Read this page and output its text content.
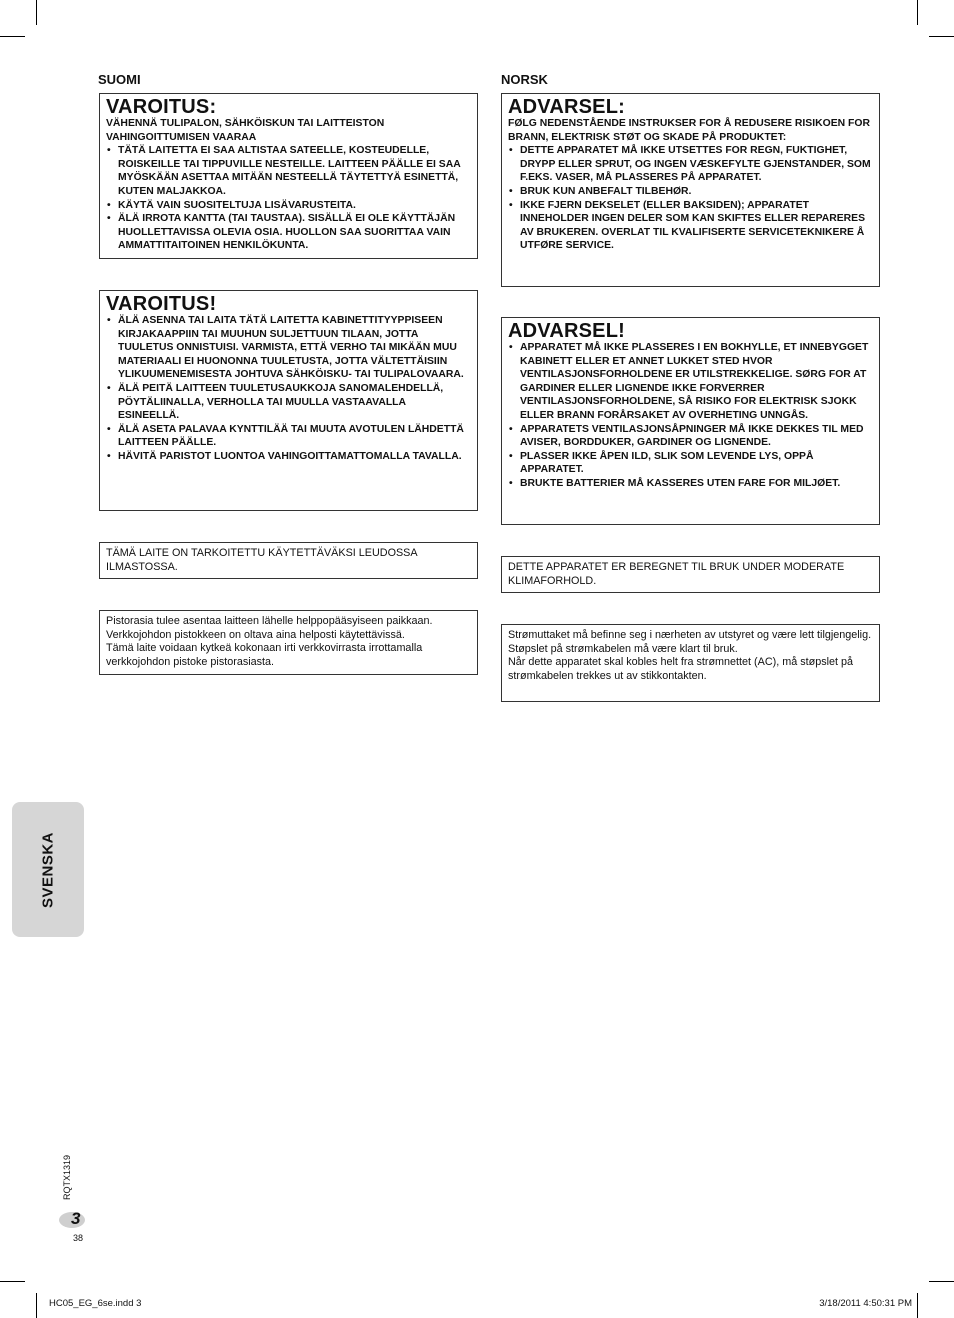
SUOMI	NORSK
VAROITUS:
VÄHENNÄ TULIPALON, SÄHKÖISKUN TAI LAITTEISTON VAHINGOITTUMISEN VAARAA
• TÄTÄ LAITETTA EI SAA ALTISTAA SATEELLE, KOSTEUDELLE, ROISKEILLE TAI TIPPUVILLE NESTEILLE. LAITTEEN PÄÄLLE EI SAA MYÖSKÄÄN ASETTAA MITÄÄN NESTEELLÄ TÄYTETTYÄ ESINETTÄ, KUTEN MALJAKKOA.
• KÄYTÄ VAIN SUOSITELTUJA LISÄVARUSTEITA.
• ÄLÄ IRROTA KANTTA (TAI TAUSTAA). SISÄLLÄ EI OLE KÄYTTÄJÄN HUOLLETTAVISSA OLEVIA OSIA. HUOLLON SAA SUORITTAA VAIN AMMATTITAITOINEN HENKILÖKUNTA.
VAROITUS!
• ÄLÄ ASENNA TAI LAITA TÄTÄ LAITETTA KABINETTITYYPPISEEN KIRJAKAAPPIIN TAI MUUHUN SULJETTUUN TILAAN, JOTTA TUULETUS ONNISTUISI. VARMISTA, ETTÄ VERHO TAI MIKÄÄN MUU MATERIAALI EI HUONONNA TUULETUSTA, JOTTA VÄLTETTÄISIIN YLIKUUMENEMISESTA JOHTUVA SÄHKÖISKU- TAI TULIPALOVAARA.
• ÄLÄ PEITÄ LAITTEEN TUULETUSAUKKOJA SANOMALEHDELLÄ, PÖYTÄLIINALLA, VERHOLLA TAI MUULLA VASTAAVALLA ESINEELLÄ.
• ÄLÄ ASETA PALAVAA KYNTTILÄÄ TAI MUUTA AVOTULEN LÄHDETTÄ LAITTEEN PÄÄLLE.
• HÄVITÄ PARISTOT LUONTOA VAHINGOITTAMATTOMALLA TAVALLA.

TÄMÄ LAITE ON TARKOITETTU KÄYTETTÄVÄKSI LEUDOSSA ILMASTOSSA.

Pistorasia tulee asentaa laitteen lähelle helppopääsyiseen paikkaan.

Verkkojohdon pistokkeen on oltava aina helposti käytettävissä.

Tämä laite voidaan kytkeä kokonaan irti verkkovirrasta irrottamalla verkkojohdon pistoke pistorasiasta.

ADVARSEL:
FØLG NEDENSTÅENDE INSTRUKSER FOR Å REDUSERE RISIKOEN FOR BRANN, ELEKTRISK STØT OG SKADE PÅ PRODUKTET:
• DETTE APPARATET MÅ IKKE UTSETTES FOR REGN, FUKTIGHET, DRYPP ELLER SPRUT, OG INGEN VÆSKEFYLTE GJENSTANDER, SOM F.EKS. VASER, MÅ PLASSERES PÅ APPARATET.
• BRUK KUN ANBEFALT TILBEHØR.
• IKKE FJERN DEKSELET (ELLER BAKSIDEN); APPARATET INNEHOLDER INGEN DELER SOM KAN SKIFTES ELLER REPARERES AV BRUKEREN. OVERLAT TIL KVALIFISERTE SERVICETEKNIKERE Å UTFØRE SERVICE.
ADVARSEL!
• APPARATET MÅ IKKE PLASSERES I EN BOKHYLLE, ET INNEBYGGET KABINETT ELLER ET ANNET LUKKET STED HVOR VENTILASJONSFORHOLDENE ER UTILSTREKKELIGE. SØRG FOR AT GARDINER ELLER LIGNENDE IKKE FORVERRER VENTILASJONSFORHOLDENE, SÅ RISIKO FOR ELEKTRISK SJOKK ELLER BRANN FORÅRSAKET AV OVERHETING UNNGÅS.
• APPARATETS VENTILASJONSÅPNINGER MÅ IKKE DEKKES TIL MED AVISER, BORDDUKER, GARDINER OG LIGNENDE.
• PLASSER IKKE ÅPEN ILD, SLIK SOM LEVENDE LYS, OPPÅ APPARATET.
• BRUKTE BATTERIER MÅ KASSERES UTEN FARE FOR MILJØET.

DETTE APPARATET ER BEREGNET TIL BRUK UNDER MODERATE KLIMAFORHOLD.

Strømuttaket må befinne seg i nærheten av utstyret og være lett tilgjengelig.

Støpslet på strømkabelen må være klart til bruk.

Når dette apparatet skal kobles helt fra strømnettet (AC), må støpslet på strømkabelen trekkes ut av stikkontakten.

SVENSKA
RQTX1319
3
38
HC05_EG_6se.indd 3	3/18/2011 4:50:31 PM
